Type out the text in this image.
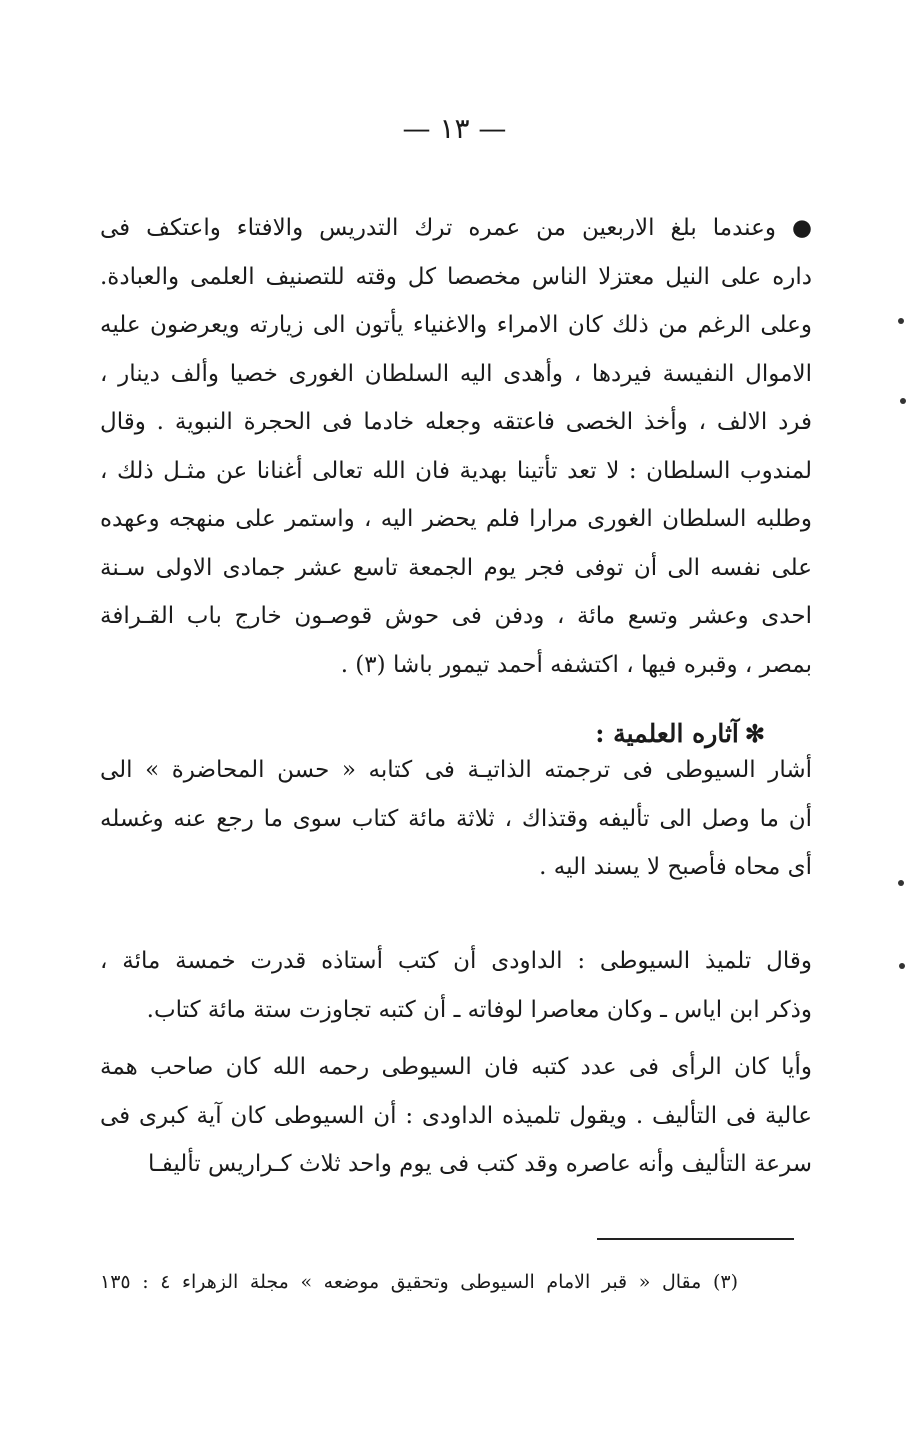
— ١٣ —
● وعندما بلغ الاربعين من عمره ترك التدريس والافتاء واعتكف فى
داره على النيل معتزلا الناس مخصصا كل وقته للتصنيف العلمى والعبادة.
وعلى الرغم من ذلك كان الامراء والاغنياء يأتون الى زيارته ويعرضون عليه
الاموال النفيسة فيردها ، وأهدى اليه السلطان الغورى خصيا وألف دينار ،
فرد الالف ، وأخذ الخصى فاعتقه وجعله خادما فى الحجرة النبوية . وقال
لمندوب السلطان : لا تعد تأتينا بهدية فان الله تعالى أغنانا عن مثـل ذلك ،
وطلبه السلطان الغورى مرارا فلم يحضر اليه ، واستمر على منهجه وعهده
على نفسه الى أن توفى فجر يوم الجمعة تاسع عشر جمادى الاولى سـنة
احدى وعشر وتسع مائة ، ودفن فى حوش قوصـون خارج باب القـرافة
بمصر ، وقبره فيها ، اكتشفه أحمد تيمور باشا (٣) .
✻آثاره العلمية :
أشار السيوطى فى ترجمته الذاتيـة فى كتابه « حسن المحاضرة » الى
أن ما وصل الى تأليفه وقتذاك ، ثلاثة مائة كتاب سوى ما رجع عنه وغسله
أى محاه فأصبح لا يسند اليه .
وقال تلميذ السيوطى : الداودى أن كتب أستاذه قدرت خمسة مائة ،
وذكر ابن اياس ـ وكان معاصرا لوفاته ـ أن كتبه تجاوزت ستة مائة كتاب.
وأيا كان الرأى فى عدد كتبه فان السيوطى رحمه الله كان صاحب همة
عالية فى التأليف . ويقول تلميذه الداودى : أن السيوطى كان آية كبرى فى
سرعة التأليف وأنه عاصره وقد كتب فى يوم واحد ثلاث كـراريس تأليفـا
(٣) مقال « قبر الامام السيوطى وتحقيق موضعه » مجلة الزهراء ٤ : ١٣٥
